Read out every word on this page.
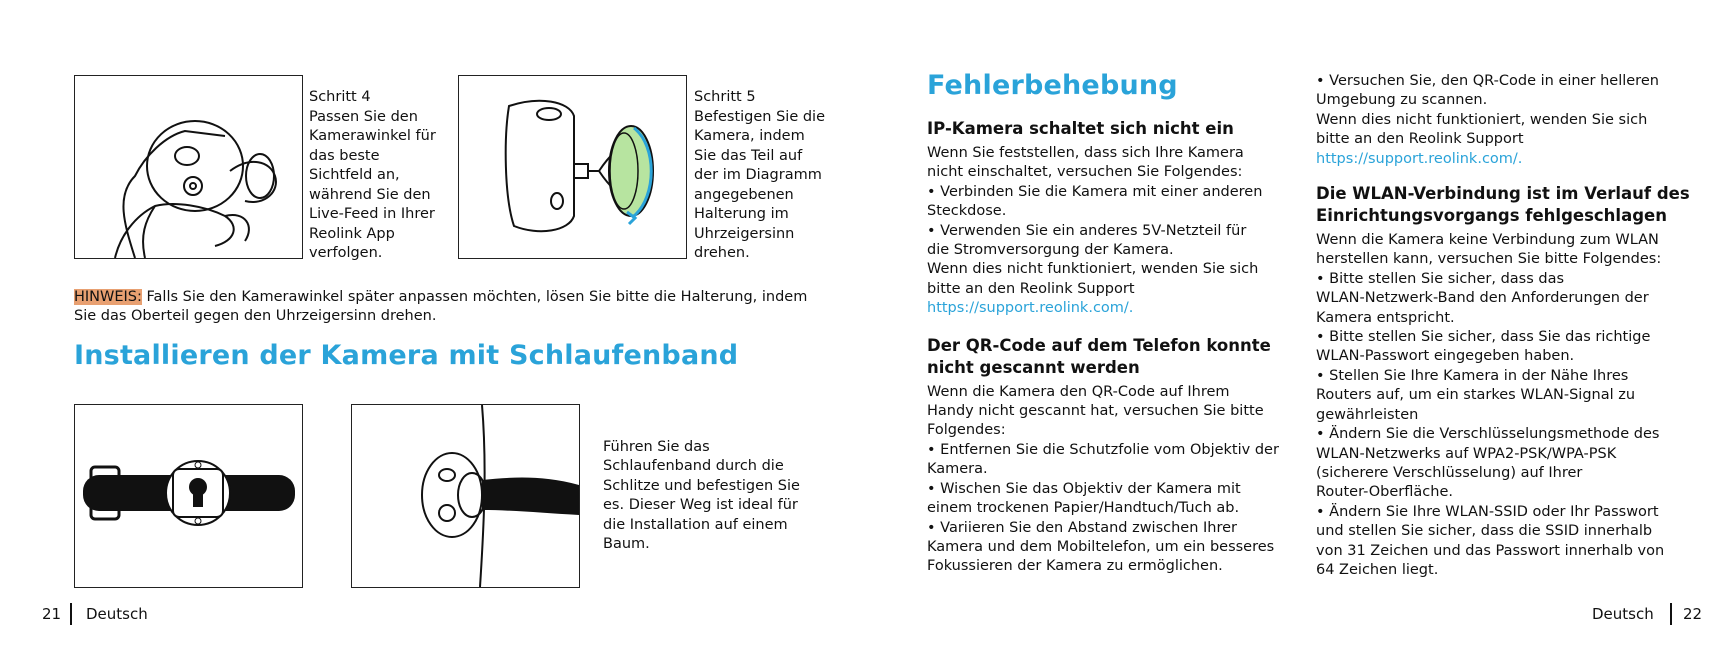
Schritt 4
Passen Sie den
Kamerawinkel für
das beste
Sichtfeld an,
während Sie den
Live-Feed in Ihrer
Reolink App
verfolgen.
Schritt 5
Befestigen Sie die
Kamera, indem
Sie das Teil auf
der im Diagramm
angegebenen
Halterung im
Uhrzeigersinn
drehen.
HINWEIS: Falls Sie den Kamerawinkel später anpassen möchten, lösen Sie bitte die Halterung, indem
Sie das Oberteil gegen den Uhrzeigersinn drehen.
Installieren der Kamera mit Schlaufenband
Führen Sie das
Schlaufenband durch die
Schlitze und befestigen Sie
es. Dieser Weg ist ideal für
die Installation auf einem
Baum.
21 Deutsch
Fehlerbehebung
IP-Kamera schaltet sich nicht ein
Wenn Sie feststellen, dass sich Ihre Kamera
nicht einschaltet, versuchen Sie Folgendes:
• Verbinden Sie die Kamera mit einer anderen
Steckdose.
• Verwenden Sie ein anderes 5V-Netzteil für
die Stromversorgung der Kamera.
Wenn dies nicht funktioniert, wenden Sie sich
bitte an den Reolink Support
https://support.reolink.com/.
Der QR-Code auf dem Telefon konnte
nicht gescannt werden
Wenn die Kamera den QR-Code auf Ihrem
Handy nicht gescannt hat, versuchen Sie bitte
Folgendes:
• Entfernen Sie die Schutzfolie vom Objektiv der
Kamera.
• Wischen Sie das Objektiv der Kamera mit
einem trockenen Papier/Handtuch/Tuch ab.
• Variieren Sie den Abstand zwischen Ihrer
Kamera und dem Mobiltelefon, um ein besseres
Fokussieren der Kamera zu ermöglichen.
• Versuchen Sie, den QR-Code in einer helleren
Umgebung zu scannen.
Wenn dies nicht funktioniert, wenden Sie sich
bitte an den Reolink Support
https://support.reolink.com/.
Die WLAN-Verbindung ist im Verlauf des
Einrichtungsvorgangs fehlgeschlagen
Wenn die Kamera keine Verbindung zum WLAN
herstellen kann, versuchen Sie bitte Folgendes:
• Bitte stellen Sie sicher, dass das
WLAN-Netzwerk-Band den Anforderungen der
Kamera entspricht.
• Bitte stellen Sie sicher, dass Sie das richtige
WLAN-Passwort eingegeben haben.
• Stellen Sie Ihre Kamera in der Nähe Ihres
Routers auf, um ein starkes WLAN-Signal zu
gewährleisten
• Ändern Sie die Verschlüsselungsmethode des
WLAN-Netzwerks auf WPA2-PSK/WPA-PSK
(sicherere Verschlüsselung) auf Ihrer
Router-Oberfläche.
• Ändern Sie Ihre WLAN-SSID oder Ihr Passwort
und stellen Sie sicher, dass die SSID innerhalb
von 31 Zeichen und das Passwort innerhalb von
64 Zeichen liegt.
Deutsch 22
